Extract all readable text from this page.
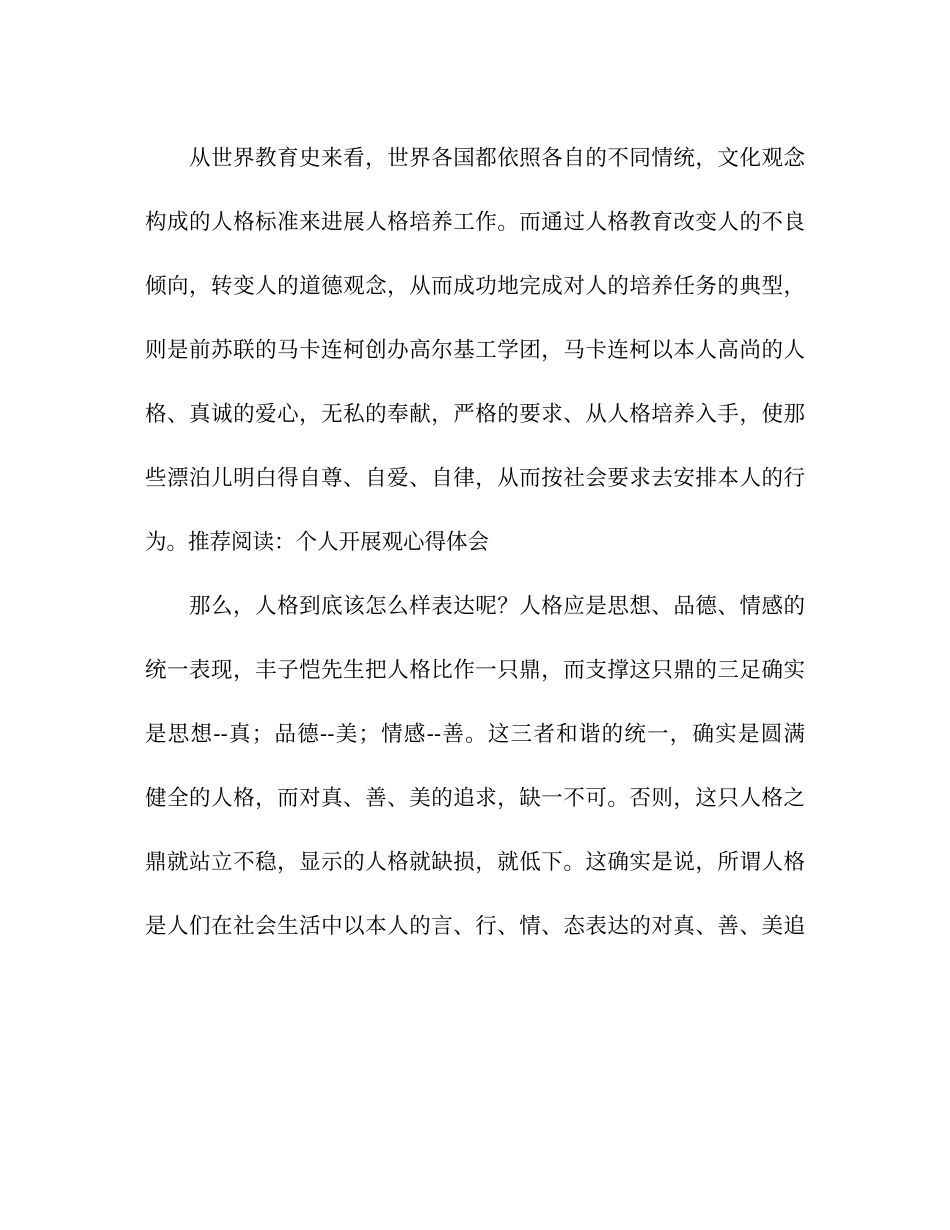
从世界教育史来看，世界各国都依照各自的不同情统，文化观念
构成的人格标准来进展人格培养工作。而通过人格教育改变人的不良
倾向，转变人的道德观念，从而成功地完成对人的培养任务的典型，
则是前苏联的马卡连柯创办高尔基工学团，马卡连柯以本人高尚的人
格、真诚的爱心，无私的奉献，严格的要求、从人格培养入手，使那
些漂泊儿明白得自尊、自爱、自律，从而按社会要求去安排本人的行
为。推荐阅读：个人开展观心得体会
那么，人格到底该怎么样表达呢？人格应是思想、品德、情感的
统一表现，丰子恺先生把人格比作一只鼎，而支撑这只鼎的三足确实
是思想--真；品德--美；情感--善。这三者和谐的统一，确实是圆满
健全的人格，而对真、善、美的追求，缺一不可。否则，这只人格之
鼎就站立不稳，显示的人格就缺损，就低下。这确实是说，所谓人格
是人们在社会生活中以本人的言、行、情、态表达的对真、善、美追
